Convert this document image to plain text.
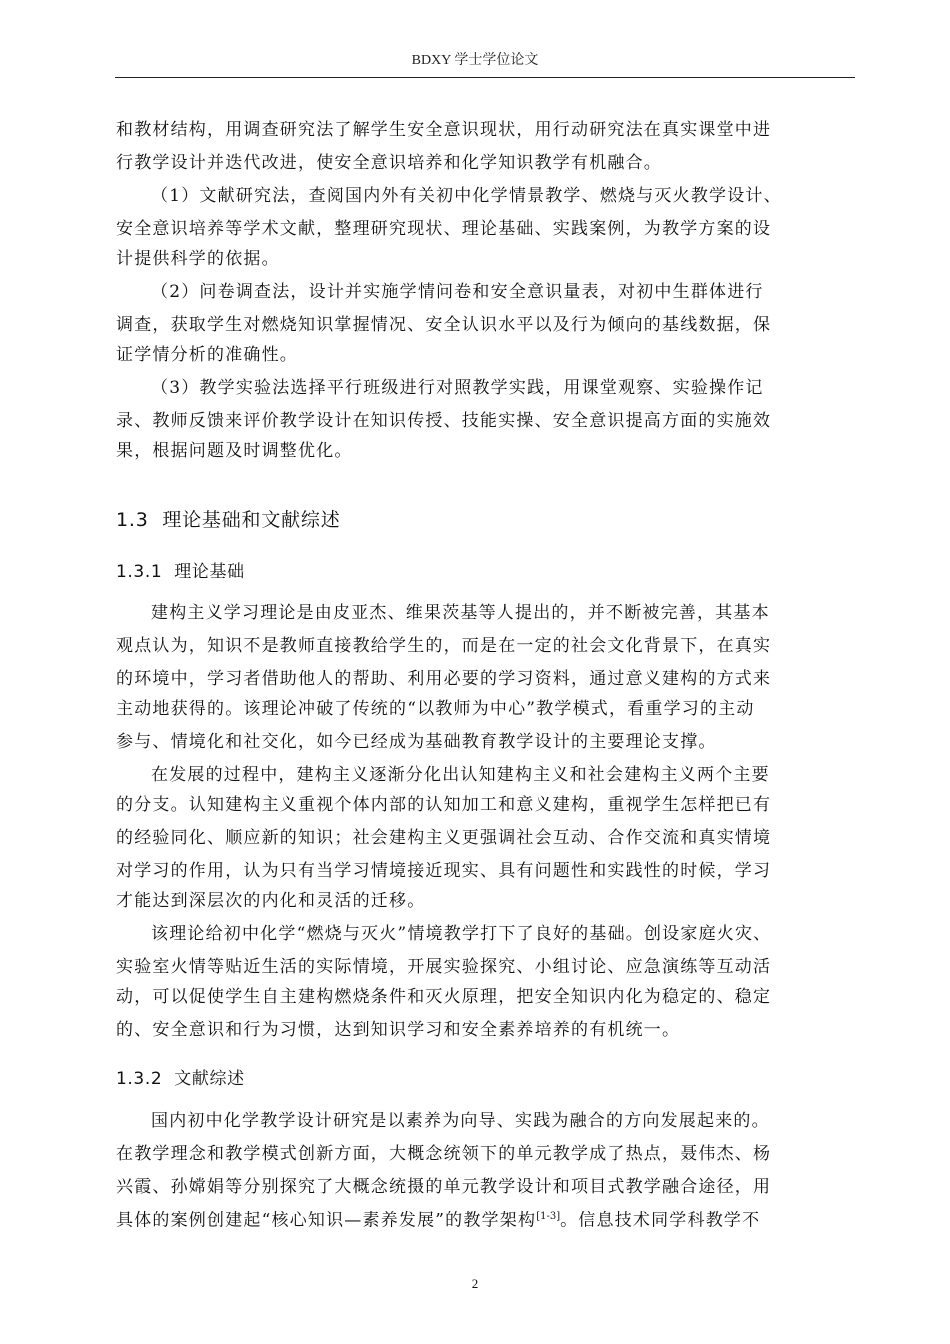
BDXY 学士学位论文
和教材结构，用调查研究法了解学生安全意识现状，用行动研究法在真实课堂中进
行教学设计并迭代改进，使安全意识培养和化学知识教学有机融合。
（1）文献研究法，查阅国内外有关初中化学情景教学、燃烧与灭火教学设计、
安全意识培养等学术文献，整理研究现状、理论基础、实践案例，为教学方案的设
计提供科学的依据。
（2）问卷调查法，设计并实施学情问卷和安全意识量表，对初中生群体进行
调查，获取学生对燃烧知识掌握情况、安全认识水平以及行为倾向的基线数据，保
证学情分析的准确性。
（3）教学实验法选择平行班级进行对照教学实践，用课堂观察、实验操作记
录、教师反馈来评价教学设计在知识传授、技能实操、安全意识提高方面的实施效
果，根据问题及时调整优化。
1.3 理论基础和文献综述
1.3.1 理论基础
建构主义学习理论是由皮亚杰、维果茨基等人提出的，并不断被完善，其基本
观点认为，知识不是教师直接教给学生的，而是在一定的社会文化背景下，在真实
的环境中，学习者借助他人的帮助、利用必要的学习资料，通过意义建构的方式来
主动地获得的。该理论冲破了传统的“以教师为中心”教学模式，看重学习的主动
参与、情境化和社交化，如今已经成为基础教育教学设计的主要理论支撑。
在发展的过程中，建构主义逐渐分化出认知建构主义和社会建构主义两个主要
的分支。认知建构主义重视个体内部的认知加工和意义建构，重视学生怎样把已有
的经验同化、顺应新的知识；社会建构主义更强调社会互动、合作交流和真实情境
对学习的作用，认为只有当学习情境接近现实、具有问题性和实践性的时候，学习
才能达到深层次的内化和灵活的迁移。
该理论给初中化学“燃烧与灭火”情境教学打下了良好的基础。创设家庭火灾、
实验室火情等贴近生活的实际情境，开展实验探究、小组讨论、应急演练等互动活
动，可以促使学生自主建构燃烧条件和灭火原理，把安全知识内化为稳定的、稳定
的、安全意识和行为习惯，达到知识学习和安全素养培养的有机统一。
1.3.2 文献综述
国内初中化学教学设计研究是以素养为向导、实践为融合的方向发展起来的。
在教学理念和教学模式创新方面，大概念统领下的单元教学成了热点，聂伟杰、杨
兴霞、孙嫦娟等分别探究了大概念统摄的单元教学设计和项目式教学融合途径，用
具体的案例创建起“核心知识—素养发展”的教学架构[1-3]。信息技术同学科教学不
2
